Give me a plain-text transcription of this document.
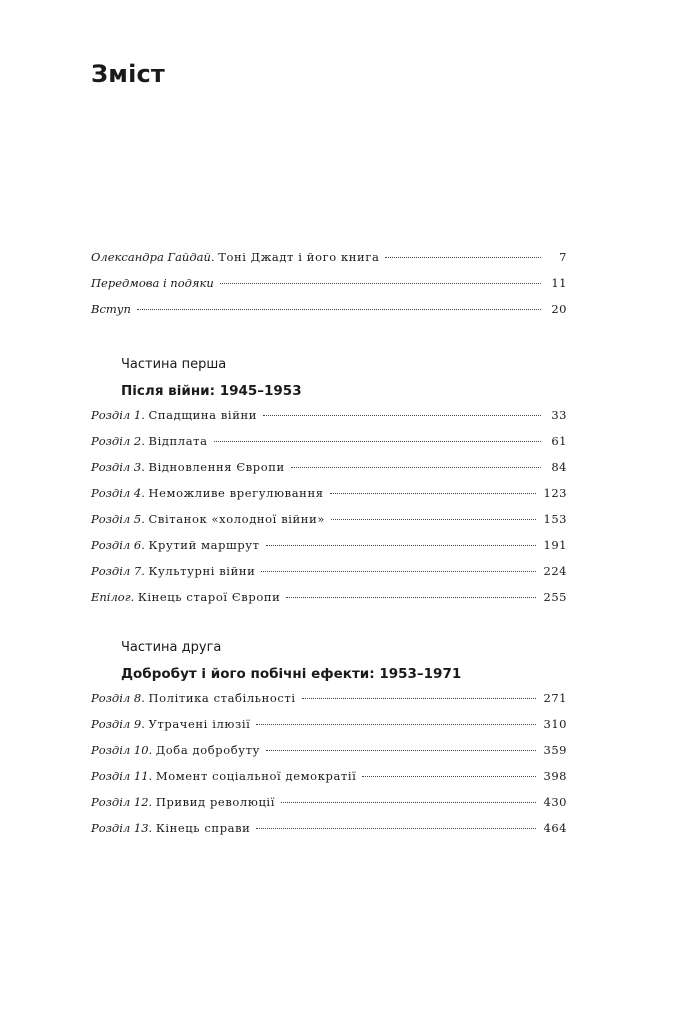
Зміст
Олександра Гайдай. Тоні Джадт і його книга	7
Передмова і подяки	11
Вступ	20
Частина перша
Після війни: 1945–1953
Розділ 1. Спадщина війни	33
Розділ 2. Відплата	61
Розділ 3. Відновлення Європи	84
Розділ 4. Неможливе врегулювання	123
Розділ 5. Світанок «холодної війни»	153
Розділ 6. Крутий маршрут	191
Розділ 7. Культурні війни	224
Епілог. Кінець старої Європи	255
Частина друга
Добробут і його побічні ефекти: 1953–1971
Розділ 8. Політика стабільності	271
Розділ 9. Утрачені ілюзії	310
Розділ 10. Доба добробуту	359
Розділ 11. Момент соціальної демократії	398
Розділ 12. Привид революції	430
Розділ 13. Кінець справи	464
